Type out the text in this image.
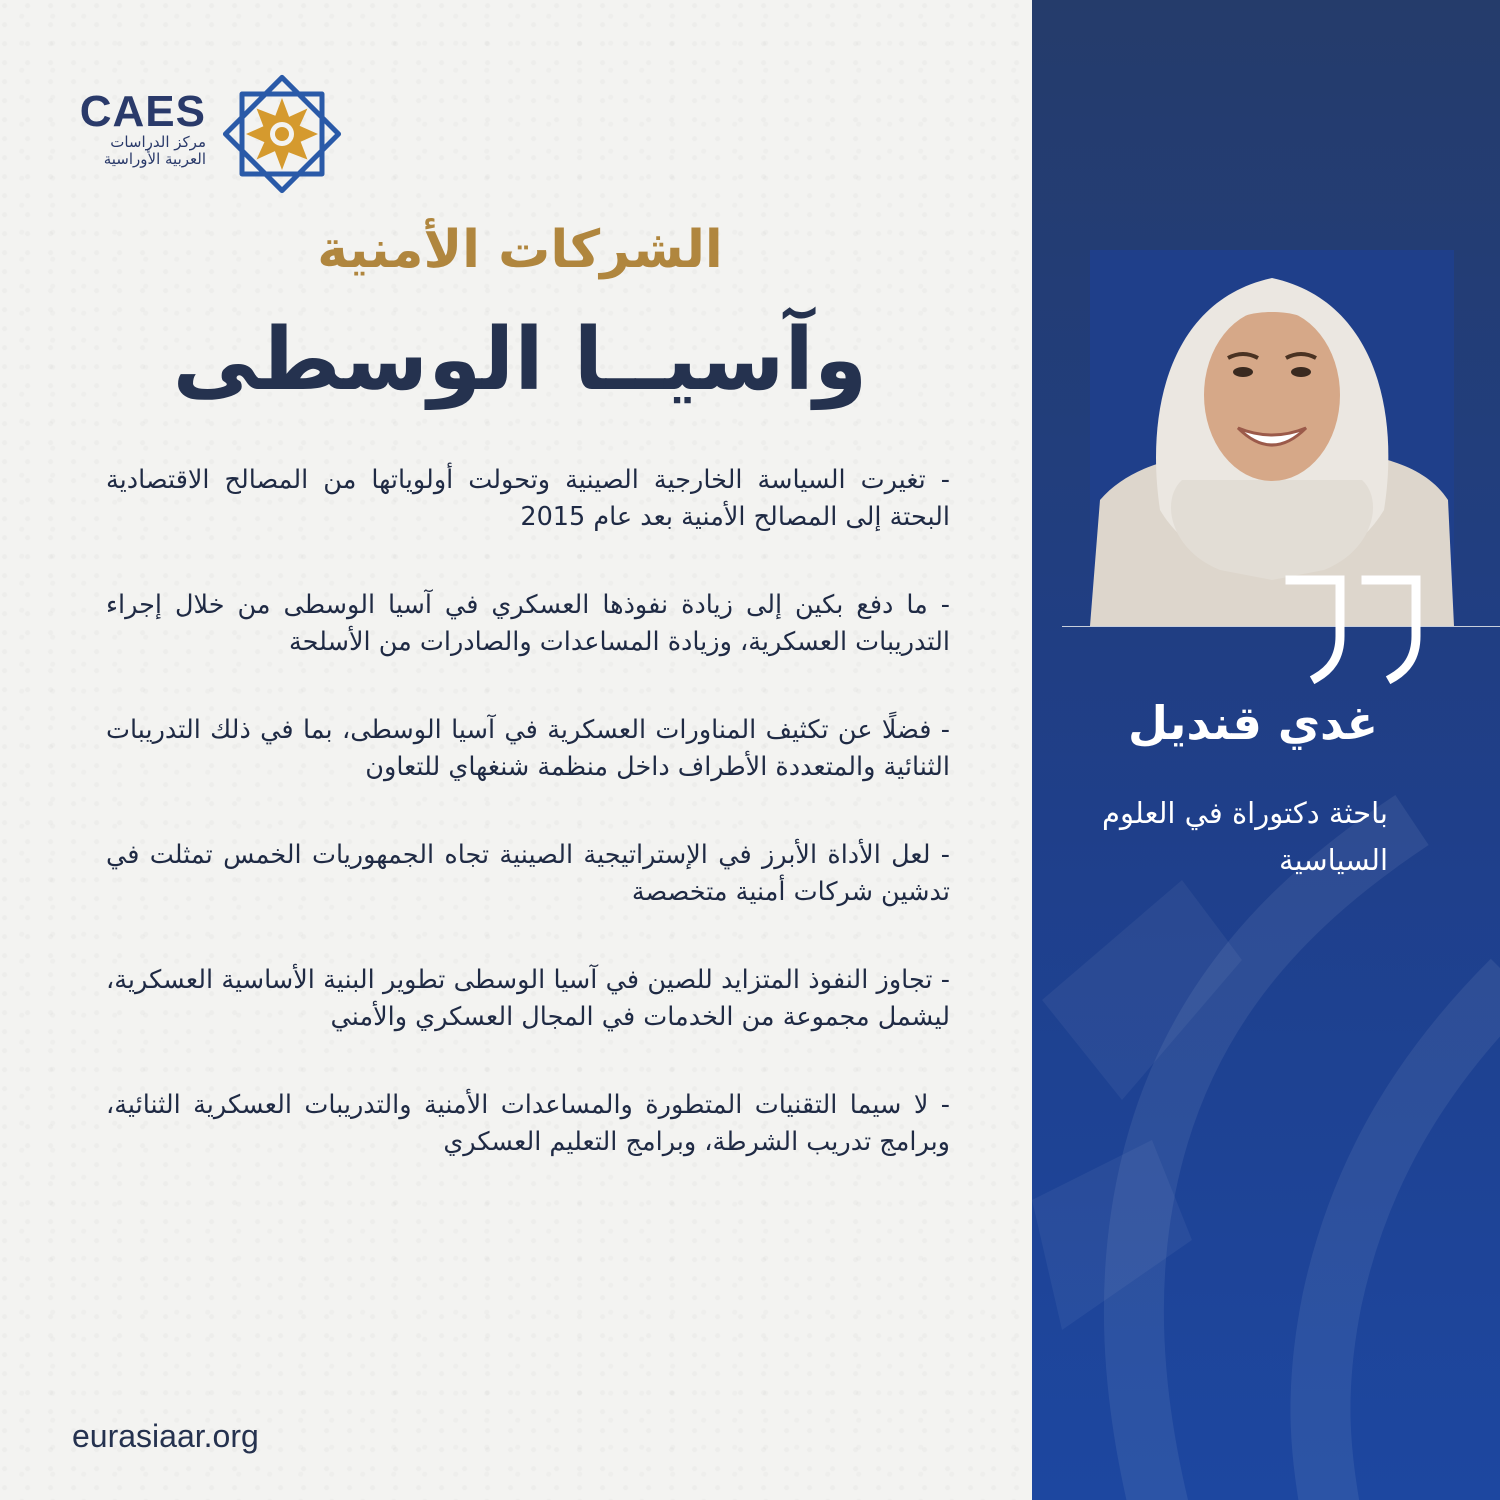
CAES
مركز الدراسات
العربية الأوراسية
الشركات الأمنية
وآسيــا الوسطى

- تغيرت السياسة الخارجية الصينية وتحولت أولوياتها من المصالح الاقتصادية البحتة إلى المصالح الأمنية بعد عام 2015

- ما دفع بكين إلى زيادة نفوذها العسكري في آسيا الوسطى من خلال إجراء التدريبات العسكرية، وزيادة المساعدات والصادرات من الأسلحة

- فضلًا عن تكثيف المناورات العسكرية في آسيا الوسطى، بما في ذلك التدريبات الثنائية والمتعددة الأطراف داخل منظمة شنغهاي للتعاون

- لعل الأداة الأبرز في الإستراتيجية الصينية تجاه الجمهوريات الخمس تمثلت في تدشين شركات أمنية متخصصة

- تجاوز النفوذ المتزايد للصين في آسيا الوسطى تطوير البنية الأساسية العسكرية، ليشمل مجموعة من الخدمات في المجال العسكري والأمني

- لا سيما التقنيات المتطورة والمساعدات الأمنية والتدريبات العسكرية الثنائية، وبرامج تدريب الشرطة، وبرامج التعليم العسكري

eurasiaar.org
غدي قنديل
باحثة دكتوراة في العلوم السياسية
